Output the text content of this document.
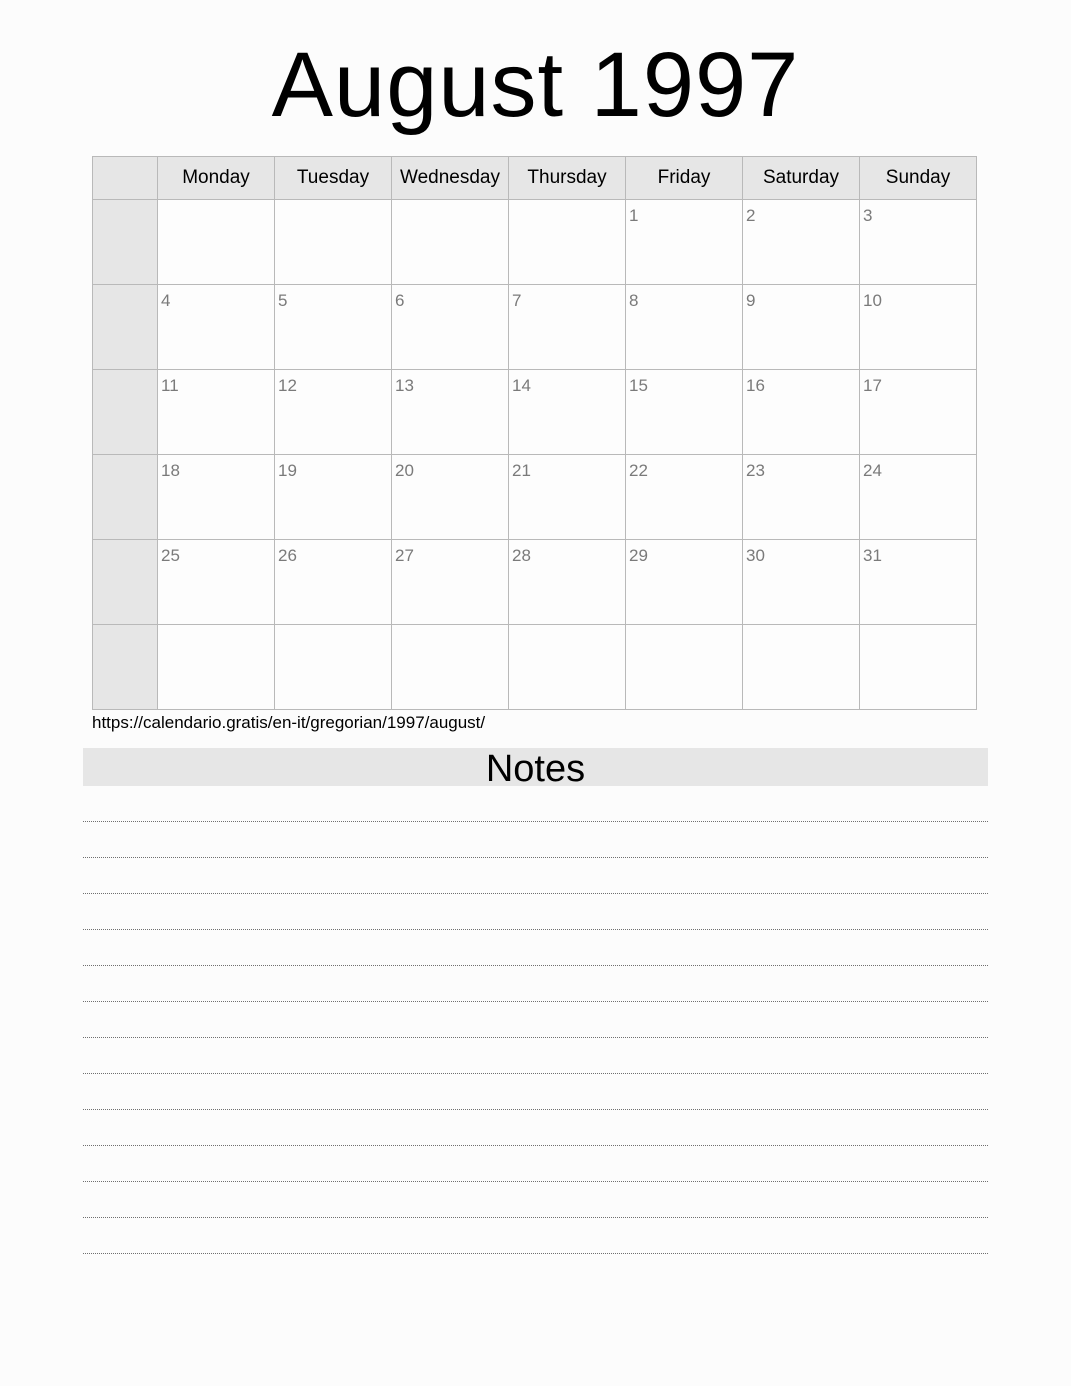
August 1997
	Monday	Tuesday	Wednesday	Thursday	Friday	Saturday	Sunday

					1	2	3

	4	5	6	7	8	9	10

	11	12	13	14	15	16	17

	18	19	20	21	22	23	24

	25	26	27	28	29	30	31

https://calendario.gratis/en-it/gregorian/1997/august/
Notes
